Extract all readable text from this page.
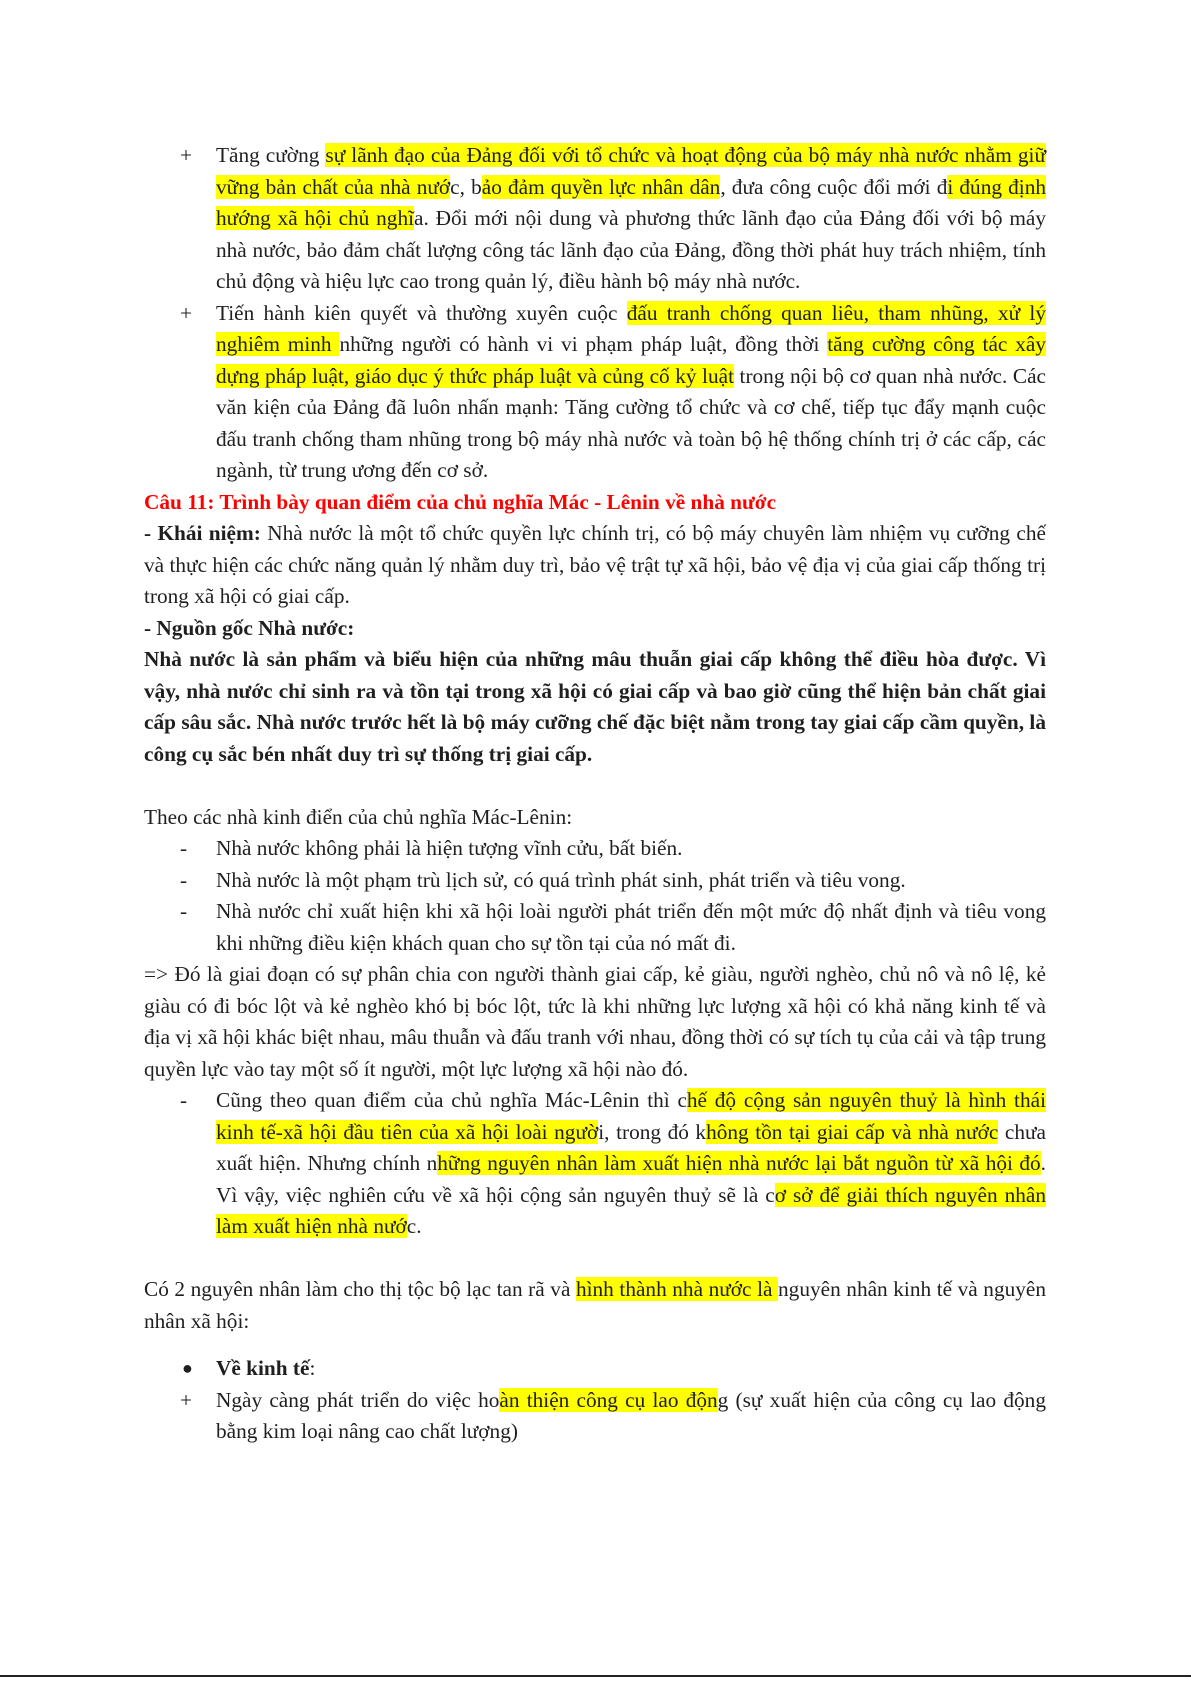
+ Tăng cường sự lãnh đạo của Đảng đối với tổ chức và hoạt động của bộ máy nhà nước nhằm giữ vững bản chất của nhà nước, bảo đảm quyền lực nhân dân, đưa công cuộc đổi mới đi đúng định hướng xã hội chủ nghĩa. Đổi mới nội dung và phương thức lãnh đạo của Đảng đối với bộ máy nhà nước, bảo đảm chất lượng công tác lãnh đạo của Đảng, đồng thời phát huy trách nhiệm, tính chủ động và hiệu lực cao trong quản lý, điều hành bộ máy nhà nước.
+ Tiến hành kiên quyết và thường xuyên cuộc đấu tranh chống quan liêu, tham nhũng, xử lý nghiêm minh những người có hành vi vi phạm pháp luật, đồng thời tăng cường công tác xây dựng pháp luật, giáo dục ý thức pháp luật và củng cố kỷ luật trong nội bộ cơ quan nhà nước. Các văn kiện của Đảng đã luôn nhấn mạnh: Tăng cường tổ chức và cơ chế, tiếp tục đẩy mạnh cuộc đấu tranh chống tham nhũng trong bộ máy nhà nước và toàn bộ hệ thống chính trị ở các cấp, các ngành, từ trung ương đến cơ sở.

Câu 11: Trình bày quan điểm của chủ nghĩa Mác - Lênin về nhà nước

- Khái niệm: Nhà nước là một tổ chức quyền lực chính trị, có bộ máy chuyên làm nhiệm vụ cưỡng chế và thực hiện các chức năng quản lý nhằm duy trì, bảo vệ trật tự xã hội, bảo vệ địa vị của giai cấp thống trị trong xã hội có giai cấp.

- Nguồn gốc Nhà nước:

Nhà nước là sản phẩm và biểu hiện của những mâu thuẫn giai cấp không thể điều hòa được. Vì vậy, nhà nước chỉ sinh ra và tồn tại trong xã hội có giai cấp và bao giờ cũng thể hiện bản chất giai cấp sâu sắc. Nhà nước trước hết là bộ máy cưỡng chế đặc biệt nằm trong tay giai cấp cầm quyền, là công cụ sắc bén nhất duy trì sự thống trị giai cấp.

Theo các nhà kinh điển của chủ nghĩa Mác-Lênin:

- Nhà nước không phải là hiện tượng vĩnh cửu, bất biến.
- Nhà nước là một phạm trù lịch sử, có quá trình phát sinh, phát triển và tiêu vong.
- Nhà nước chỉ xuất hiện khi xã hội loài người phát triển đến một mức độ nhất định và tiêu vong khi những điều kiện khách quan cho sự tồn tại của nó mất đi.

=> Đó là giai đoạn có sự phân chia con người thành giai cấp, kẻ giàu, người nghèo, chủ nô và nô lệ, kẻ giàu có đi bóc lột và kẻ nghèo khó bị bóc lột, tức là khi những lực lượng xã hội có khả năng kinh tế và địa vị xã hội khác biệt nhau, mâu thuẫn và đấu tranh với nhau, đồng thời có sự tích tụ của cải và tập trung quyền lực vào tay một số ít người, một lực lượng xã hội nào đó.

- Cũng theo quan điểm của chủ nghĩa Mác-Lênin thì chế độ cộng sản nguyên thuỷ là hình thái kinh tế-xã hội đầu tiên của xã hội loài người, trong đó không tồn tại giai cấp và nhà nước chưa xuất hiện. Nhưng chính những nguyên nhân làm xuất hiện nhà nước lại bắt nguồn từ xã hội đó. Vì vậy, việc nghiên cứu về xã hội cộng sản nguyên thuỷ sẽ là cơ sở để giải thích nguyên nhân làm xuất hiện nhà nước.

Có 2 nguyên nhân làm cho thị tộc bộ lạc tan rã và hình thành nhà nước là nguyên nhân kinh tế và nguyên nhân xã hội:

● Về kinh tế:
+ Ngày càng phát triển do việc hoàn thiện công cụ lao động (sự xuất hiện của công cụ lao động bằng kim loại nâng cao chất lượng)
